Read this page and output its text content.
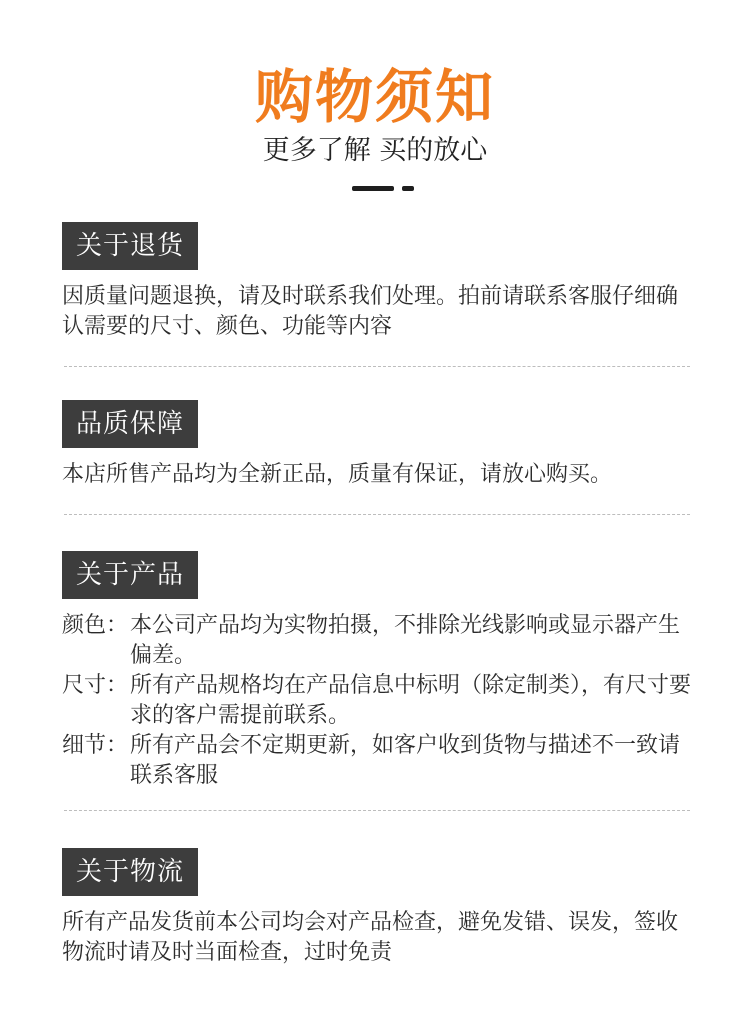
购物须知
更多了解 买的放心
关于退货
因质量问题退换，请及时联系我们处理。拍前请联系客服仔细确认需要的尺寸、颜色、功能等内容
品质保障
本店所售产品均为全新正品，质量有保证，请放心购买。
关于产品
颜色： 本公司产品均为实物拍摄，不排除光线影响或显示器产生偏差。
尺寸： 所有产品规格均在产品信息中标明（除定制类），有尺寸要求的客户需提前联系。
细节： 所有产品会不定期更新，如客户收到货物与描述不一致请联系客服
关于物流
所有产品发货前本公司均会对产品检查，避免发错、误发，签收物流时请及时当面检查，过时免责
